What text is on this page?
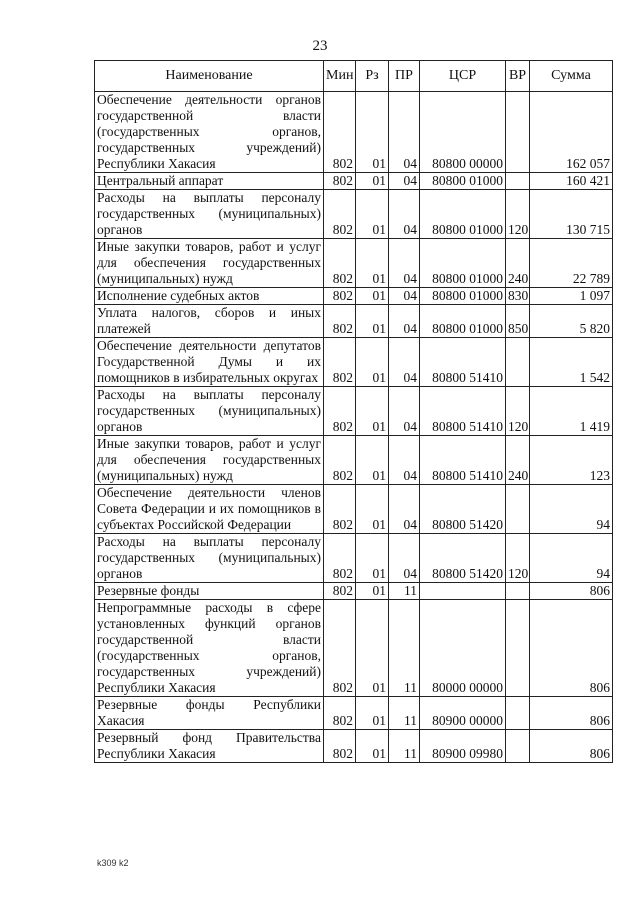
23
Наименование	Мин	Рз	ПР	ЦСР	ВР	Сумма
Обеспечение деятельности органов государственной власти (государственных органов, государственных учреждений) Республики Хакасия	802	01	04	80800 00000		162 057
Центральный аппарат	802	01	04	80800 01000		160 421
Расходы на выплаты персоналу государственных (муниципальных) органов	802	01	04	80800 01000	120	130 715
Иные закупки товаров, работ и услуг для обеспечения государственных (муниципальных) нужд	802	01	04	80800 01000	240	22 789
Исполнение судебных актов	802	01	04	80800 01000	830	1 097
Уплата налогов, сборов и иных платежей	802	01	04	80800 01000	850	5 820
Обеспечение деятельности депутатов Государственной Думы и их помощников в избирательных округах	802	01	04	80800 51410		1 542
Расходы на выплаты персоналу государственных (муниципальных) органов	802	01	04	80800 51410	120	1 419
Иные закупки товаров, работ и услуг для обеспечения государственных (муниципальных) нужд	802	01	04	80800 51410	240	123
Обеспечение деятельности членов Совета Федерации и их помощников в субъектах Российской Федерации	802	01	04	80800 51420		94
Расходы на выплаты персоналу государственных (муниципальных) органов	802	01	04	80800 51420	120	94
Резервные фонды	802	01	11			806
Непрограммные расходы в сфере установленных функций органов государственной власти (государственных органов, государственных учреждений) Республики Хакасия	802	01	11	80000 00000		806
Резервные фонды Республики Хакасия	802	01	11	80900 00000		806
Резервный фонд Правительства Республики Хакасия	802	01	11	80900 09980		806
k309 k2
